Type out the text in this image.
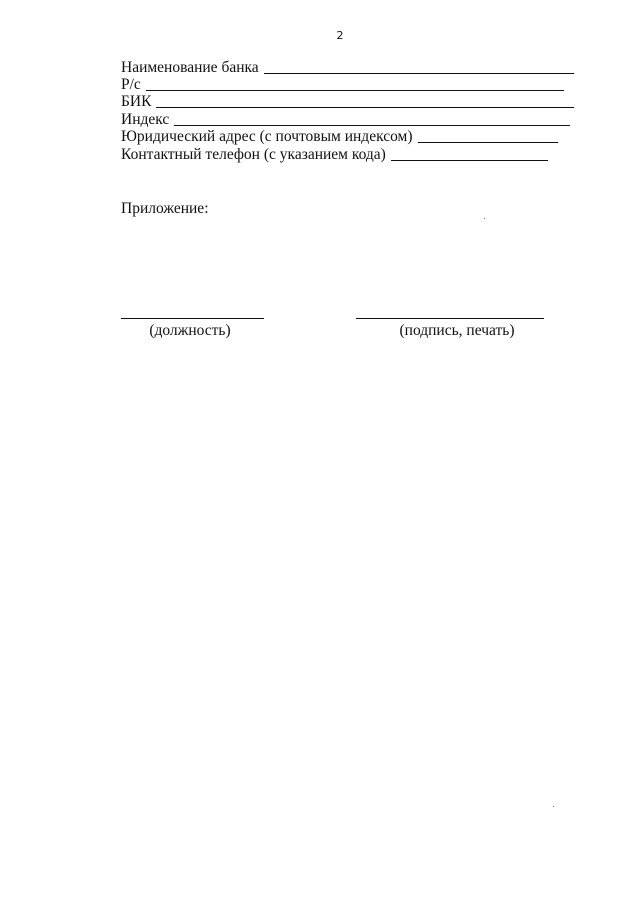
2
Наименование банка
Р/с
БИК
Индекс
Юридический адрес (с почтовым индексом)
Контактный телефон (с указанием кода)
Приложение:
(должность)	(подпись, печать)
